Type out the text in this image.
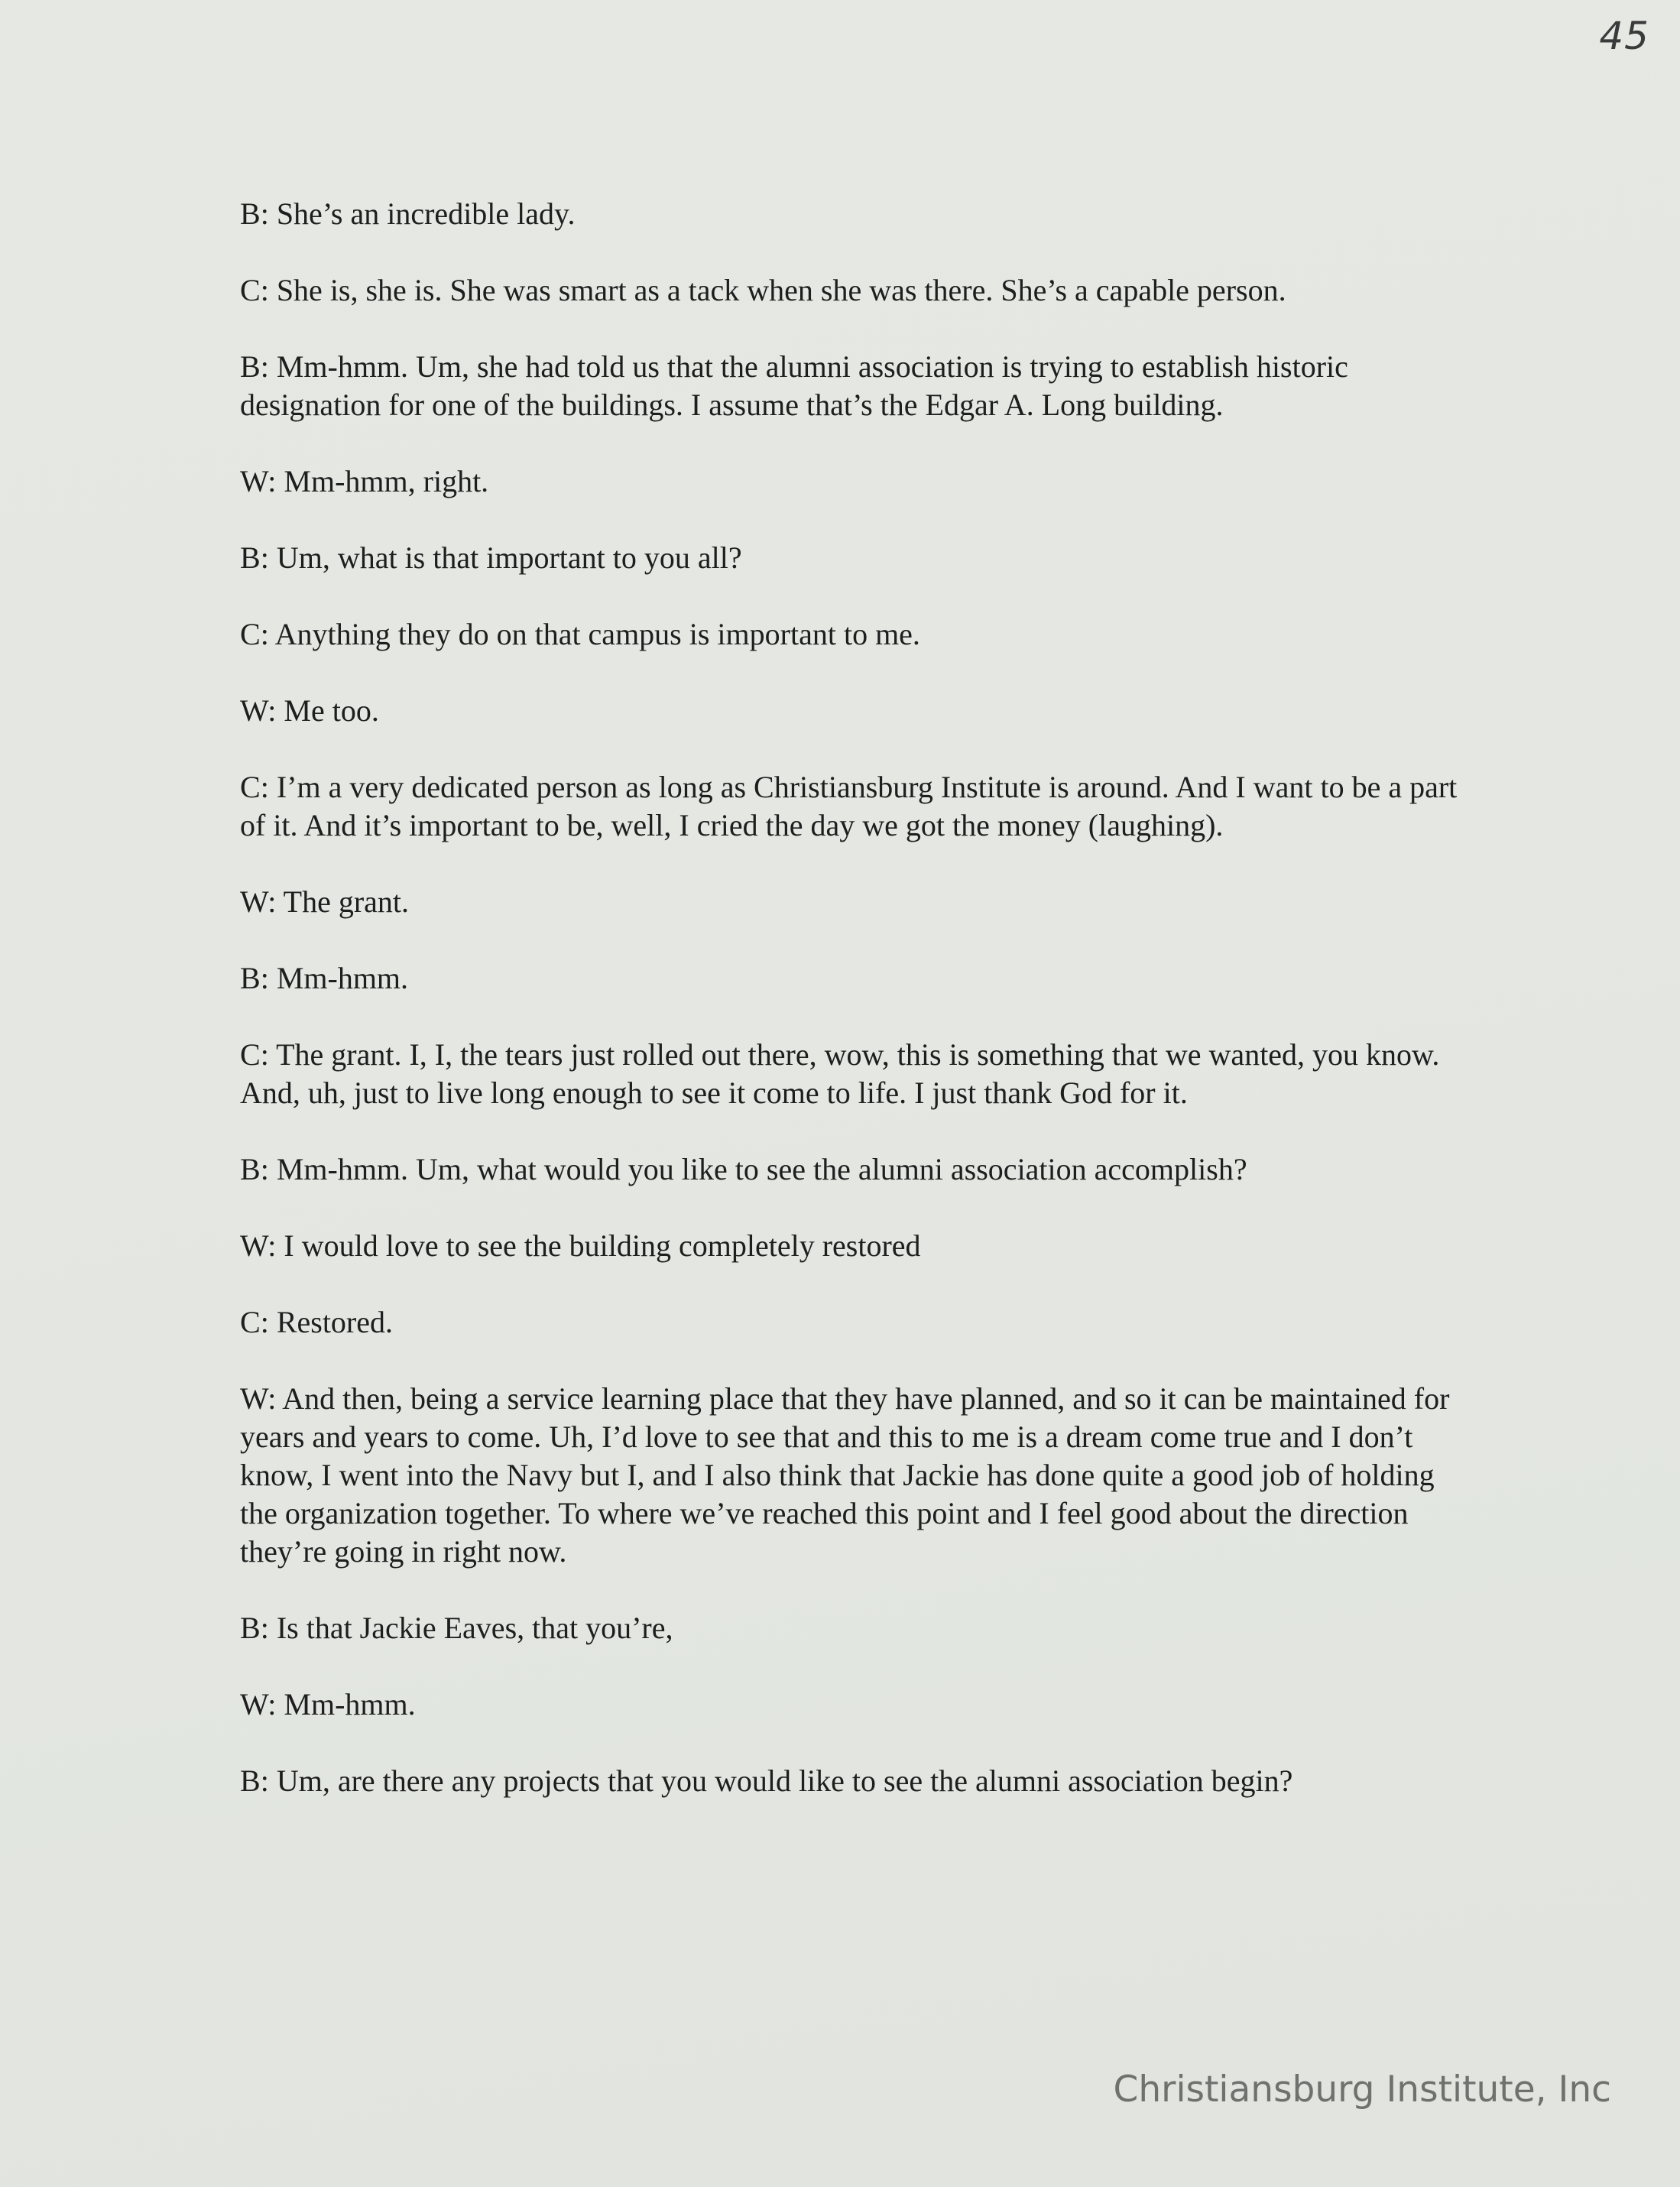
45
B : She’s an incredible lady.
C : She is, she is. She was smart as a tack when she was there. She’s a capable person.
B : Mm-hmm. Um, she had told us that the alumni association is trying to establish historic designation for one of the buildings. I assume that’s the Edgar A. Long building.
W : Mm-hmm, right.
B : Um, what is that important to you all?
C : Anything they do on that campus is important to me.
W : Me too.
C : I’m a very dedicated person as long as Christiansburg Institute is around. And I want to be a part of it. And it’s important to be, well, I cried the day we got the money (laughing).
W : The grant.
B : Mm-hmm.
C : The grant. I, I, the tears just rolled out there, wow, this is something that we wanted, you know. And, uh, just to live long enough to see it come to life. I just thank God for it.
B : Mm-hmm. Um, what would you like to see the alumni association accomplish?
W : I would love to see the building completely restored
C : Restored.
W : And then, being a service learning place that they have planned, and so it can be maintained for years and years to come. Uh, I’d love to see that and this to me is a dream come true and I don’t know, I went into the Navy but I, and I also think that Jackie has done quite a good job of holding the organization together. To where we’ve reached this point and I feel good about the direction they’re going in right now.
B : Is that Jackie Eaves, that you’re,
W : Mm-hmm.
B : Um, are there any projects that you would like to see the alumni association begin?
Christiansburg Institute, Inc
